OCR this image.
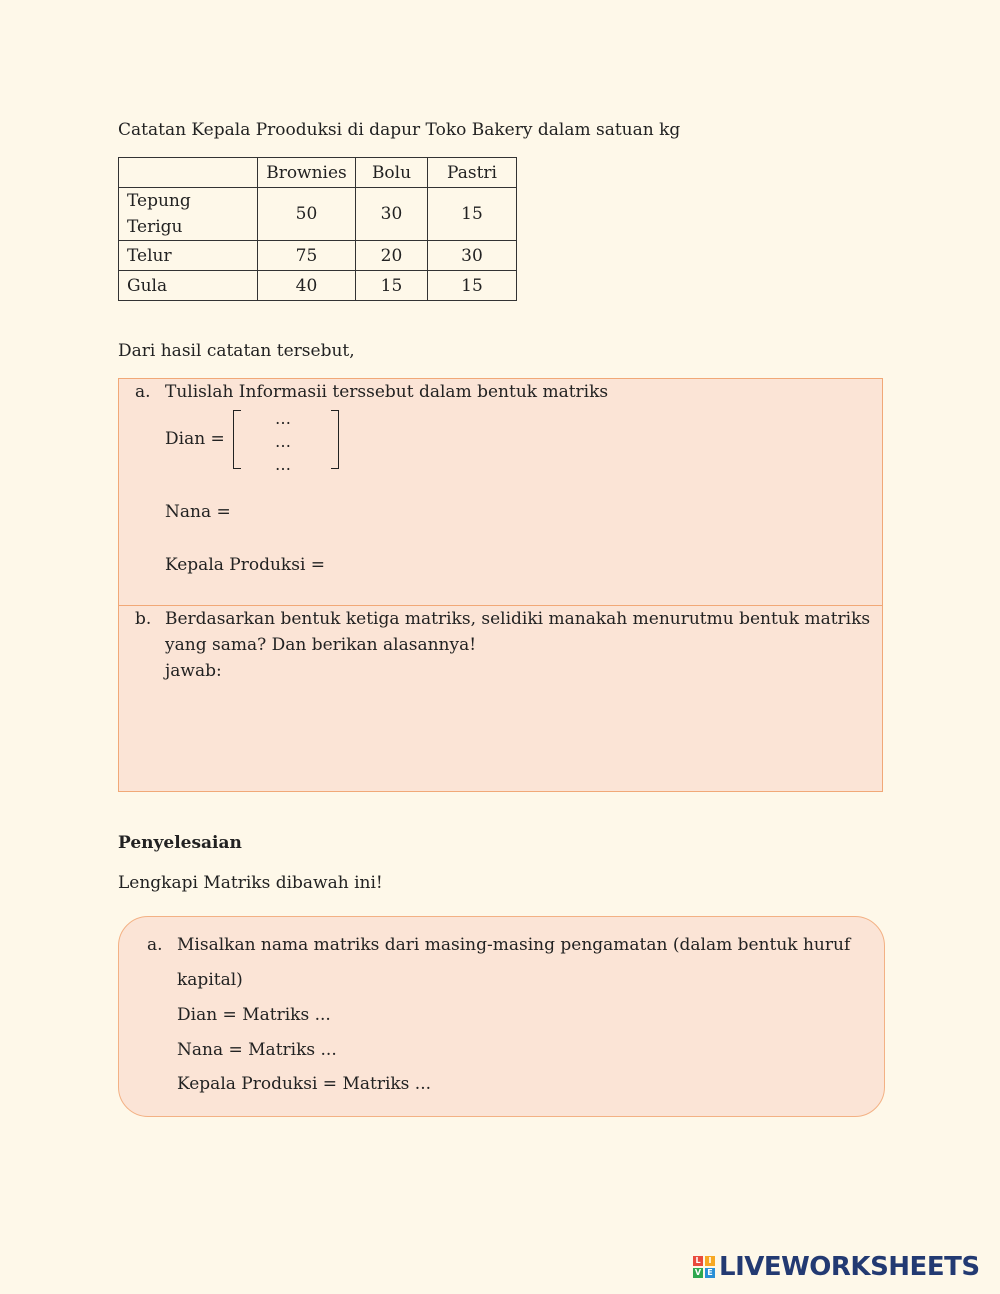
Catatan Kepala Prooduksi di dapur Toko Bakery dalam satuan kg
	Brownies	Bolu	Pastri

Tepung
Terigu	50	30	15
Telur	75	20	30
Gula	40	15	15
Dari hasil catatan tersebut,
a. Tulislah Informasii terssebut dalam bentuk matriks
Dian =
…
…
…
Nana =
Kepala Produksi =
b. Berdasarkan bentuk ketiga matriks, selidiki manakah menurutmu bentuk matriks
yang sama? Dan berikan alasannya!
jawab:
Penyelesaian
Lengkapi Matriks dibawah ini!
a. Misalkan nama matriks dari masing-masing pengamatan (dalam bentuk huruf
kapital)
Dian = Matriks ...
Nana = Matriks ...
Kepala Produksi = Matriks ...
L I
V E LIVEWORKSHEETS
